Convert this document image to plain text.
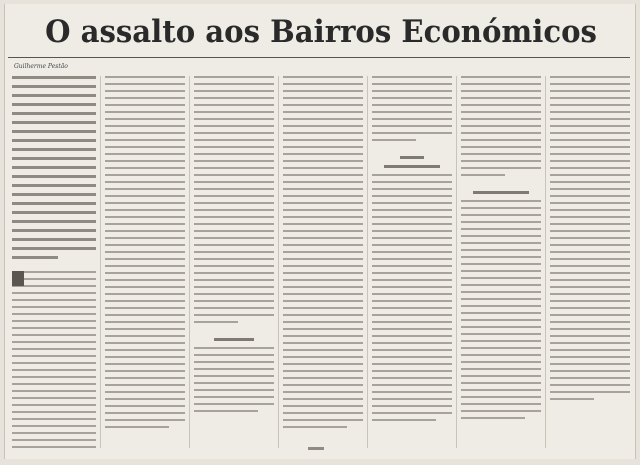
O assalto aos Bairros Económicos
Guilherme Pestão
